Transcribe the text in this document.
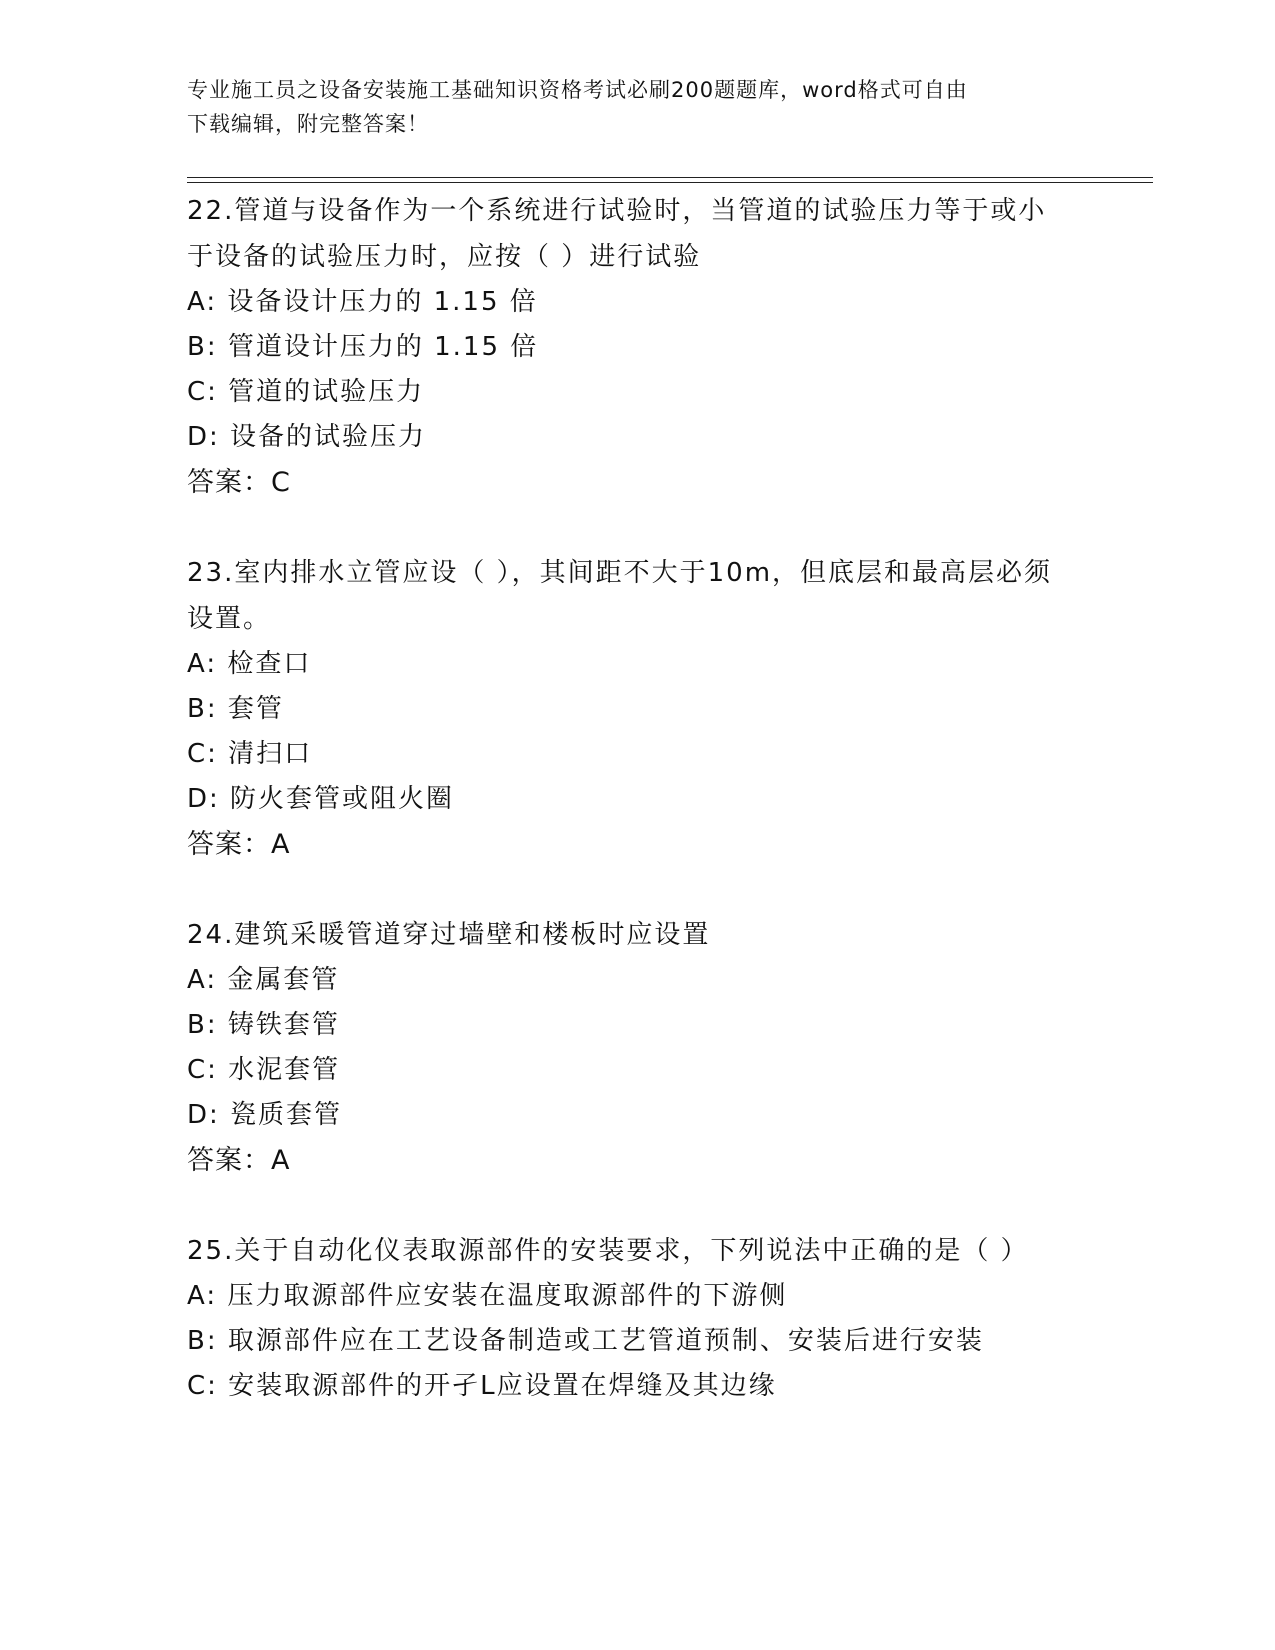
专业施工员之设备安装施工基础知识资格考试必刷200题题库，word格式可自由
下载编辑，附完整答案！
22.管道与设备作为一个系统进行试验时，当管道的试验压力等于或小
于设备的试验压力时，应按（ ）进行试验
A: 设备设计压力的 1.15 倍
B: 管道设计压力的 1.15 倍
C: 管道的试验压力
D: 设备的试验压力
答案：C
23.室内排水立管应设（ ），其间距不大于10m，但底层和最高层必须
设置。
A: 检查口
B: 套管
C: 清扫口
D: 防火套管或阻火圈
答案：A
24.建筑采暖管道穿过墙壁和楼板时应设置
A: 金属套管
B: 铸铁套管
C: 水泥套管
D: 瓷质套管
答案：A
25.关于自动化仪表取源部件的安装要求，下列说法中正确的是（ ）
A: 压力取源部件应安装在温度取源部件的下游侧
B: 取源部件应在工艺设备制造或工艺管道预制、安装后进行安装
C: 安装取源部件的开孑L应设置在焊缝及其边缘
